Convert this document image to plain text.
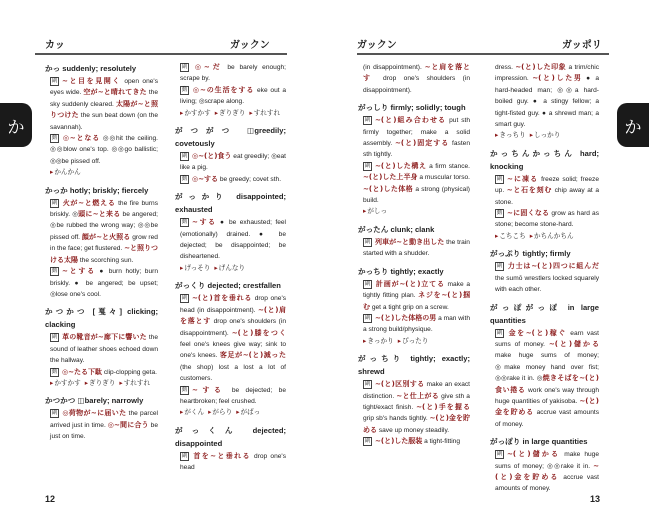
カッ	ガックン	ガックン	ガッポリ
か	か
かっ suddenly; resolutely

副 ~と目を見開く open one's eyes wide. 空が~と晴れてきた the sky suddenly cleared. 太陽が~と照りつけた the sun beat down (on the savannah).

動 ◎~となる ◎◎hit the ceiling. ◎◎blow one's top. ◎◎go ballistic; ◎◎be pissed off.

▸ かんかん
かっか hotly; briskly; fiercely

副 火が~と燃える the fire burns briskly. ◎頭に~と来る be angered; ◎be rubbed the wrong way; ◎◎be pissed off. 顔が~と火照る grow red in the face; get flustered. ~と照りつける太陽 the scorching sun.

動 ~とする ● burn hotly; burn briskly. ● be angered; be upset; ◎lose one's cool.

かつかつ [戛々] clicking; clacking

副 革の靴音が~廊下に響いた the sound of leather shoes echoed down the hallway.

動 ◎~たる下駄 clip-clopping geta.

▸ かすかす ▸ ぎりぎり ▸ すれすれ
かつかつ ◫barely; narrowly

副 ◎荷物が~に届いた the parcel arrived just in time. ◎~間に合う be just on time.

副 ◎~だ be barely enough; scrape by.

動 ◎~の生活をする eke out a living; ◎scrape along.

▸ かすかす ▸ ぎりぎり ▸ すれすれ
がつがつ ◫greedily; covetously

副 ◎~(と)食う eat greedily; ◎eat like a pig.

動 ◎~する be greedy; covet sth.

がっかり disappointed; exhausted

動 ~する ● be exhausted; feel (emotionally) drained. ● be dejected; be disappointed; be disheartened.

▸ げっそり ▸ げんなり
がっくり dejected; crestfallen

副 ~(と)首を垂れる drop one's head (in disappointment). ~(と)肩を落とす drop one's shoulders (in disappointment). ~(と)膝をつく feel one's knees give way; sink to one's knees. 客足が~(と)減った (the shop) lost a lost a lot of customers.

動 ~する be dejected; be heartbroken; feel crushed.

▸ がくん ▸ がらり ▸ がばっ
がっくん dejected; disappointed

副 首を~と垂れる drop one's head

(in disappointment). ~と肩を落とす drop one's shoulders (in disappointment).

がっしり firmly; solidly; tough

副 ~(と)組み合わせる put sth firmly together; make a solid assembly. ~(と)固定する fasten sth tightly.

副 ~(と)した構え a firm stance. ~(と)した上半身 a muscular torso. ~(と)した体格 a strong (physical) build.

▸ がしっ
がったん clunk; clank

副 列車が~と動き出した the train started with a shudder.

かっちり tightly; exactly

副 計画が~(と)立てる make a tightly fitting plan. ネジを~(と)掴む get a tight grip on a screw.

副 ~(と)した体格の男 a man with a strong build/physique.

▸ きっかり ▸ ぴったり
がっちり tightly; exactly; shrewd

副 ~(と)区別する make an exact distinction. ~と仕上がる give sth a tight/exact finish. ~(と)手を握る grip sb's hands tightly. ~(と)金を貯める save up money steadily.

副 ~(と)した服装 a tight-fitting

dress. ~(と)した印象 a trim/chic impression. ~(と)した男 ● a hard-headed man; ◎◎a hard-boiled guy. ● a stingy fellow; a tight-fisted guy. ● a shrewd man; a smart guy.

▸ きっちり ▸ しっかり
かっちんかっちん hard; knocking

副 ~に凍る freeze solid; freeze up. ~と石を刻む chip away at a stone.

動 ~に固くなる grow as hard as stone; become stone-hard.

▸ こちこち ▸ かちんかちん
がっぷり tightly; firmly

副 力士は~(と)四つに組んだ the sumō wrestlers locked squarely with each other.

がっぽがっぽ in large quantities

副 金を~(と)稼ぐ earn vast sums of money. ~(と)儲かる make huge sums of money; ◎make money hand over fist; ◎◎rake it in. ◎焼きそばを~(と)食い捲る work one's way through huge quantities of yakisoba. ~(と)金を貯める accrue vast amounts of money.

がっぽり in large quantities

副 ~(と)儲かる make huge sums of money; ◎◎rake it in. ~(と)金を貯める accrue vast amounts of money.

12	13
